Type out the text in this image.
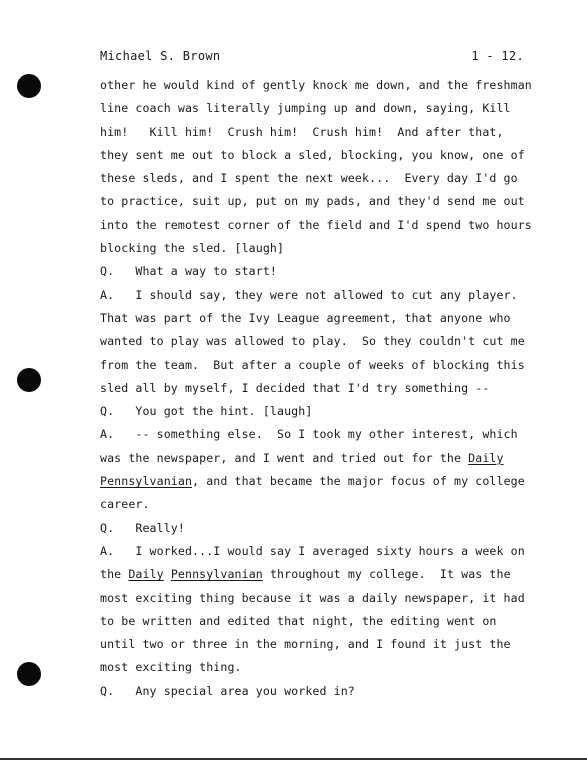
Michael S. Brown	1 - 12.
other he would kind of gently knock me down, and the freshman
line coach was literally jumping up and down, saying, Kill
him!   Kill him!  Crush him!  Crush him!  And after that,
they sent me out to block a sled, blocking, you know, one of
these sleds, and I spent the next week...  Every day I'd go
to practice, suit up, put on my pads, and they'd send me out
into the remotest corner of the field and I'd spend two hours
blocking the sled. [laugh]
Q.   What a way to start!
A.   I should say, they were not allowed to cut any player.
That was part of the Ivy League agreement, that anyone who
wanted to play was allowed to play.  So they couldn't cut me
from the team.  But after a couple of weeks of blocking this
sled all by myself, I decided that I'd try something --
Q.   You got the hint. [laugh]
A.   -- something else.  So I took my other interest, which
was the newspaper, and I went and tried out for the Daily
Pennsylvanian, and that became the major focus of my college
career.
Q.   Really!
A.   I worked...I would say I averaged sixty hours a week on
the Daily Pennsylvanian throughout my college.  It was the
most exciting thing because it was a daily newspaper, it had
to be written and edited that night, the editing went on
until two or three in the morning, and I found it just the
most exciting thing.
Q.   Any special area you worked in?
